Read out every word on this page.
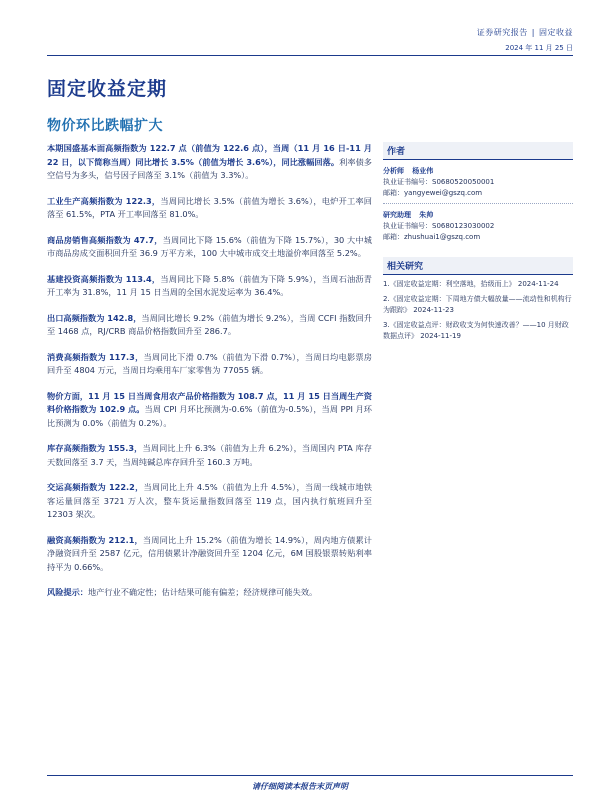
证券研究报告 | 固定收益
2024 年 11 月 25 日
固定收益定期
物价环比跌幅扩大

本期国盛基本面高频指数为 122.7 点（前值为 122.6 点），当周（11 月 16 日-11 月 22 日，以下简称当周）同比增长 3.5%（前值为增长 3.6%），同比涨幅回落。利率债多空信号为多头，信号因子回落至 3.1%（前值为 3.3%）。

工业生产高频指数为 122.3，当周同比增长 3.5%（前值为增长 3.6%），电炉开工率回落至 61.5%，PTA 开工率回落至 81.0%。

商品房销售高频指数为 47.7，当周同比下降 15.6%（前值为下降 15.7%），30 大中城市商品房成交面积回升至 36.9 万平方米，100 大中城市成交土地溢价率回落至 5.2%。

基建投资高频指数为 113.4，当周同比下降 5.8%（前值为下降 5.9%），当周石油沥青开工率为 31.8%，11 月 15 日当周的全国水泥发运率为 36.4%。

出口高频指数为 142.8，当周同比增长 9.2%（前值为增长 9.2%），当周 CCFI 指数回升至 1468 点，RJ/CRB 商品价格指数回升至 286.7。

消费高频指数为 117.3，当周同比下滑 0.7%（前值为下滑 0.7%），当周日均电影票房回升至 4804 万元，当周日均乘用车厂家零售为 77055 辆。

物价方面，11 月 15 日当周食用农产品价格指数为 108.7 点，11 月 15 日当周生产资料价格指数为 102.9 点。当周 CPI 月环比预测为-0.6%（前值为-0.5%），当周 PPI 月环比预测为 0.0%（前值为 0.2%）。

库存高频指数为 155.3，当周同比上升 6.3%（前值为上升 6.2%），当周国内 PTA 库存天数回落至 3.7 天，当周纯碱总库存回升至 160.3 万吨。

交运高频指数为 122.2，当周同比上升 4.5%（前值为上升 4.5%），当周一线城市地铁客运量回落至 3721 万人次，整车货运量指数回落至 119 点，国内执行航班回升至 12303 架次。

融资高频指数为 212.1，当周同比上升 15.2%（前值为增长 14.9%），周内地方债累计净融资回升至 2587 亿元，信用债累计净融资回升至 1204 亿元，6M 国股银票转贴利率持平为 0.66%。

风险提示：地产行业不确定性；估计结果可能有偏差；经济规律可能失效。

作者
分析师 杨业伟
执业证书编号：S0680520050001
邮箱：yangyewei@gszq.com
研究助理 朱帅
执业证书编号：S0680123030002
邮箱：zhushuai1@gszq.com
相关研究
1.《固定收益定期：利空落地，拾级而上》 2024-11-24
2.《固定收益定期：下周地方债大幅放量——流动性和机构行为跟踪》 2024-11-23
3.《固定收益点评：财政收支为何快速改善？——10 月财政数据点评》 2024-11-19
请仔细阅读本报告末页声明
